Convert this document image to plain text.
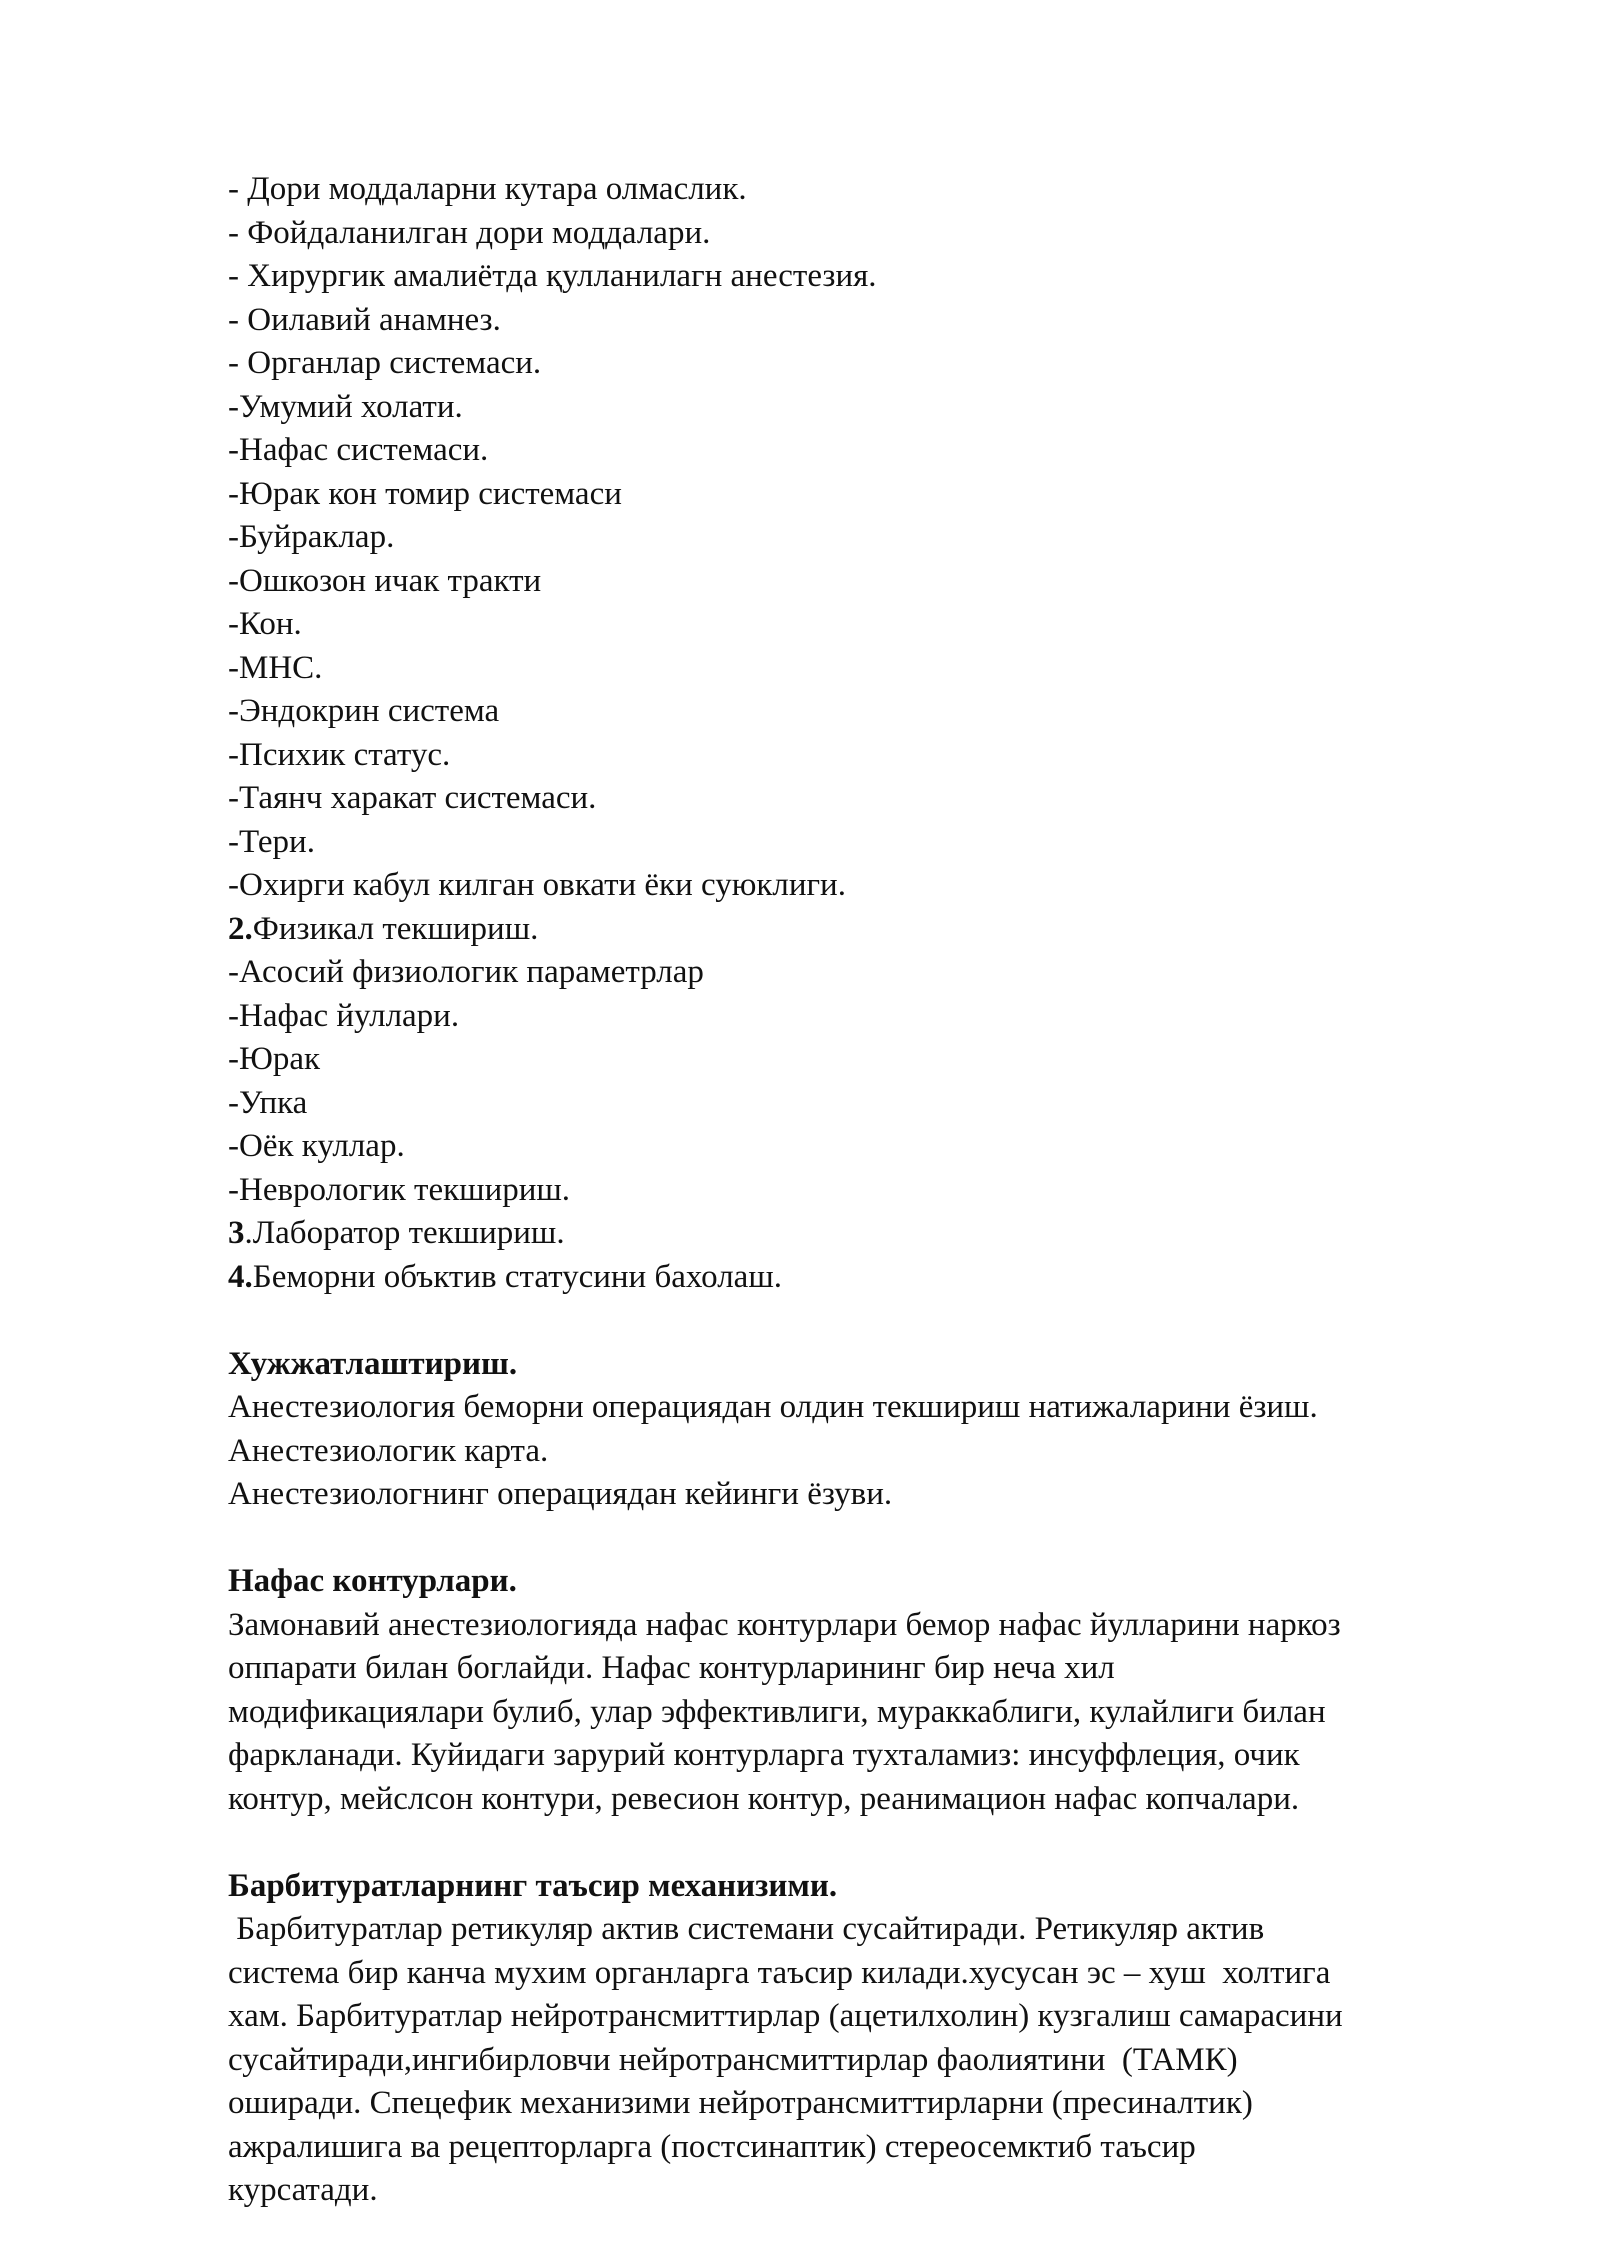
- Дори моддаларни кутара олмаслик.
- Фойдаланилган дори моддалари.
- Хирургик амалиётда қулланилагн анестезия.
- Оилавий анамнез.
- Органлар системаси.
-Умумий холати.
-Нафас системаси.
-Юрак кон томир системаси
-Буйраклар.
-Ошкозон ичак тракти
-Кон.
-МНС.
-Эндокрин система
-Психик статус.
-Таянч харакат системаси.
-Тери.
-Охирги кабул килган овкати ёки суюклиги.
2.Физикал текшириш.
-Асосий физиологик параметрлар
-Нафас йуллари.
-Юрак
-Упка
-Оёк куллар.
-Неврологик текшириш.
3.Лаборатор текшириш.
4.Беморни объктив статусини бахолаш.
Хужжатлаштириш.
Анестезиология беморни операциядан олдин текшириш натижаларини ёзиш.
Анестезиологик карта.
Анестезиологнинг операциядан кейинги ёзуви.
Нафас контурлари.
Замонавий анестезиологияда нафас контурлари бемор нафас йулларини наркоз
оппарати билан боглайди. Нафас контурларининг бир неча хил
модификациялари булиб, улар эффективлиги, мураккаблиги, кулайлиги билан
фаркланади. Куйидаги зарурий контурларга тухталамиз: инсуффлеция, очик
контур, мейслсон контури, ревесион контур, реанимацион нафас копчалари.
Барбитуратларнинг таъсир механизими.
Барбитуратлар ретикуляр актив системани сусайтиради. Ретикуляр актив
система бир канча мухим органларга таъсир килади.хусусан эс – хуш  холтига
хам. Барбитуратлар нейротрансмиттирлар (ацетилхолин) кузгалиш самарасини
сусайтиради,ингибирловчи нейротрансмиттирлар фаолиятини  (ТАМК)
оширади. Спецефик механизими нейротрансмиттирларни (пресиналтик)
ажралишига ва рецепторларга (постсинаптик) стереосемктиб таъсир
курсатади.
